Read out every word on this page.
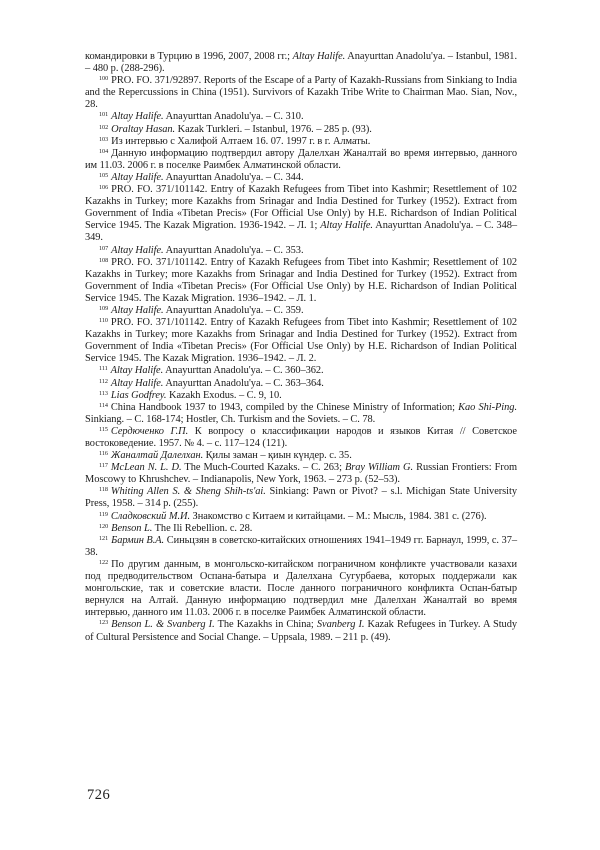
командировки в Турцию в 1996, 2007, 2008 гг.; Altay Halife. Anayurttan Anadolu'ya. – Istanbul, 1981. – 480 p. (288-296).

$^{100}$ PRO. FO. 371/92897. Reports of the Escape of a Party of Kazakh-Russians from Sinkiang to India and the Repercussions in China (1951). Survivors of Kazakh Tribe Write to Chairman Mao. Sian, Nov., 28.

$^{101}$ Altay Halife. Anayurttan Anadolu'ya. – С. 310.

$^{102}$ Oraltay Hasan. Kazak Turkleri. – Istanbul, 1976. – 285 p. (93).

$^{103}$ Из интервью с Халифой Алтаем 16. 07. 1997 г. в г. Алматы.

$^{104}$ Данную информацию подтвердил автору Далелхан Жаналтай во время интервью, данного им 11.03. 2006 г. в поселке Раимбек Алматинской области.

$^{105}$ Altay Halife. Anayurttan Anadolu'ya. – С. 344.

$^{106}$ PRO. FO. 371/101142. Entry of Kazakh Refugees from Tibet into Kashmir; Resettlement of 102 Kazakhs in Turkey; more Kazakhs from Srinagar and India Destined for Turkey (1952). Extract from Government of India «Tibetan Precis» (For Official Use Only) by H.E. Richardson of Indian Political Service 1945. The Kazak Migration. 1936-1942. – Л. 1; Altay Halife. Anayurttan Anadolu'ya. – С. 348–349.

$^{107}$ Altay Halife. Anayurttan Anadolu'ya. – С. 353.

$^{108}$ PRO. FO. 371/101142. Entry of Kazakh Refugees from Tibet into Kashmir; Resettlement of 102 Kazakhs in Turkey; more Kazakhs from Srinagar and India Destined for Turkey (1952). Extract from Government of India «Tibetan Precis» (For Official Use Only) by H.E. Richardson of Indian Political Service 1945. The Kazak Migration. 1936–1942. – Л. 1.

$^{109}$ Altay Halife. Anayurttan Anadolu'ya. – С. 359.

$^{110}$ PRO. FO. 371/101142. Entry of Kazakh Refugees from Tibet into Kashmir; Resettlement of 102 Kazakhs in Turkey; more Kazakhs from Srinagar and India Destined for Turkey (1952). Extract from Government of India «Tibetan Precis» (For Official Use Only) by H.E. Richardson of Indian Political Service 1945. The Kazak Migration. 1936–1942. – Л. 2.

$^{111}$ Altay Halife. Anayurttan Anadolu'ya. – С. 360–362.

$^{112}$ Altay Halife. Anayurttan Anadolu'ya. – С. 363–364.

$^{113}$ Lias Godfrey. Kazakh Exodus. – С. 9, 10.

$^{114}$ China Handbook 1937 to 1943, compiled by the Chinese Ministry of Information; Kao Shi-Ping. Sinkiang. – С. 168-174; Hostler, Ch. Turkism and the Soviets. – С. 78.

$^{115}$ Сердюченко Г.П. К вопросу о классификации народов и языков Китая // Советское востоковедение. 1957. № 4. – с. 117–124 (121).

$^{116}$ Жаналтай Далелхан. Қилы заман – қиын күндер. с. 35.

$^{117}$ McLean N. L. D. The Much-Courted Kazaks. – С. 263; Bray William G. Russian Frontiers: From Moscowy to Khrushchev. – Indianapolis, New York, 1963. – 273 p. (52–53).

$^{118}$ Whiting Allen S. & Sheng Shih-ts'ai. Sinkiang: Pawn or Pivot? – s.l. Michigan State University Press, 1958. – 314 p. (255).

$^{119}$ Сладковский М.И. Знакомство с Китаем и китайцами. – М.: Мысль, 1984. 381 с. (276).

$^{120}$ Benson L. The Ili Rebellion. с. 28.

$^{121}$ Бармин В.А. Синьцзян в советско-китайских отношениях 1941–1949 гг. Барнаул, 1999, с. 37–38.

$^{122}$ По другим данным, в монгольско-китайском пограничном конфликте участвовали казахи под предводительством Оспана-батыра и Далелхана Сугурбаева, которых поддержали как монгольские, так и советские власти. После данного пограничного конфликта Оспан-батыр вернулся на Алтай. Данную информацию подтвердил мне Далелхан Жаналтай во время интервью, данного им 11.03. 2006 г. в поселке Раимбек Алматинской области.

$^{123}$ Benson L. & Svanberg I. The Kazakhs in China; Svanberg I. Kazak Refugees in Turkey. A Study of Cultural Persistence and Social Change. – Uppsala, 1989. – 211 p. (49).

726
